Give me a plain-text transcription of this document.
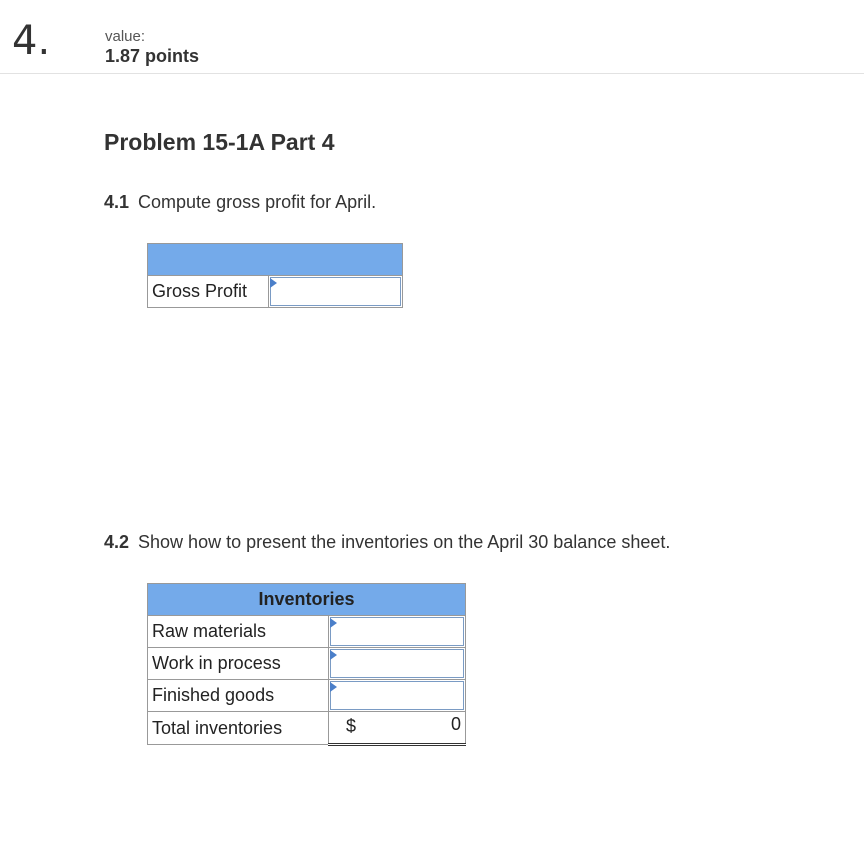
4.	value:
1.87 points
Problem 15-1A Part 4
4.1 Compute gross profit for April.

Gross Profit	
4.2 Show how to present the inventories on the April 30 balance sheet.
Inventories	
Raw materials	

Work in process	

Finished goods	

Total inventories	$ 0
